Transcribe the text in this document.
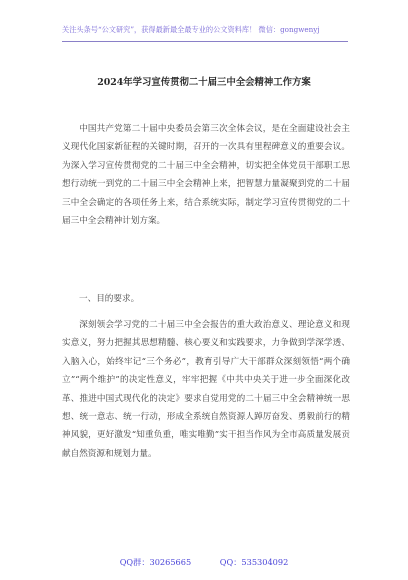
关注头条号“公文研究”，获得最新最全最专业的公文资料库！ 微信：gongwenyj
2024年学习宣传贯彻二十届三中全会精神工作方案

中国共产党第二十届中央委员会第三次全体会议，是在全面建设社会主义现代化国家新征程的关键时期，召开的一次具有里程碑意义的重要会议。为深入学习宣传贯彻党的二十届三中全会精神，切实把全体党员干部职工思想行动统一到党的二十届三中全会精神上来，把智慧力量凝聚到党的二十届三中全会确定的各项任务上来，结合系统实际，制定学习宣传贯彻党的二十届三中全会精神计划方案。

一、目的要求。

深刻领会学习党的二十届三中全会报告的重大政治意义、理论意义和现实意义，努力把握其思想精髓、核心要义和实践要求，力争做到学深学透、入脑入心，始终牢记“三个务必”，教育引导广大干部群众深刻领悟“两个确立”“两个维护”的决定性意义，牢牢把握《中共中央关于进一步全面深化改革、推进中国式现代化的决定》要求自觉用党的二十届三中全会精神统一思想、统一意志、统一行动，形成全系统自然资源人踔厉奋发、勇毅前行的精神风貌，更好激发“知重负重，唯实唯勤”实干担当作风为全市高质量发展贡献自然资源和规划力量。

QQ群：30265665	QQ：535304092
